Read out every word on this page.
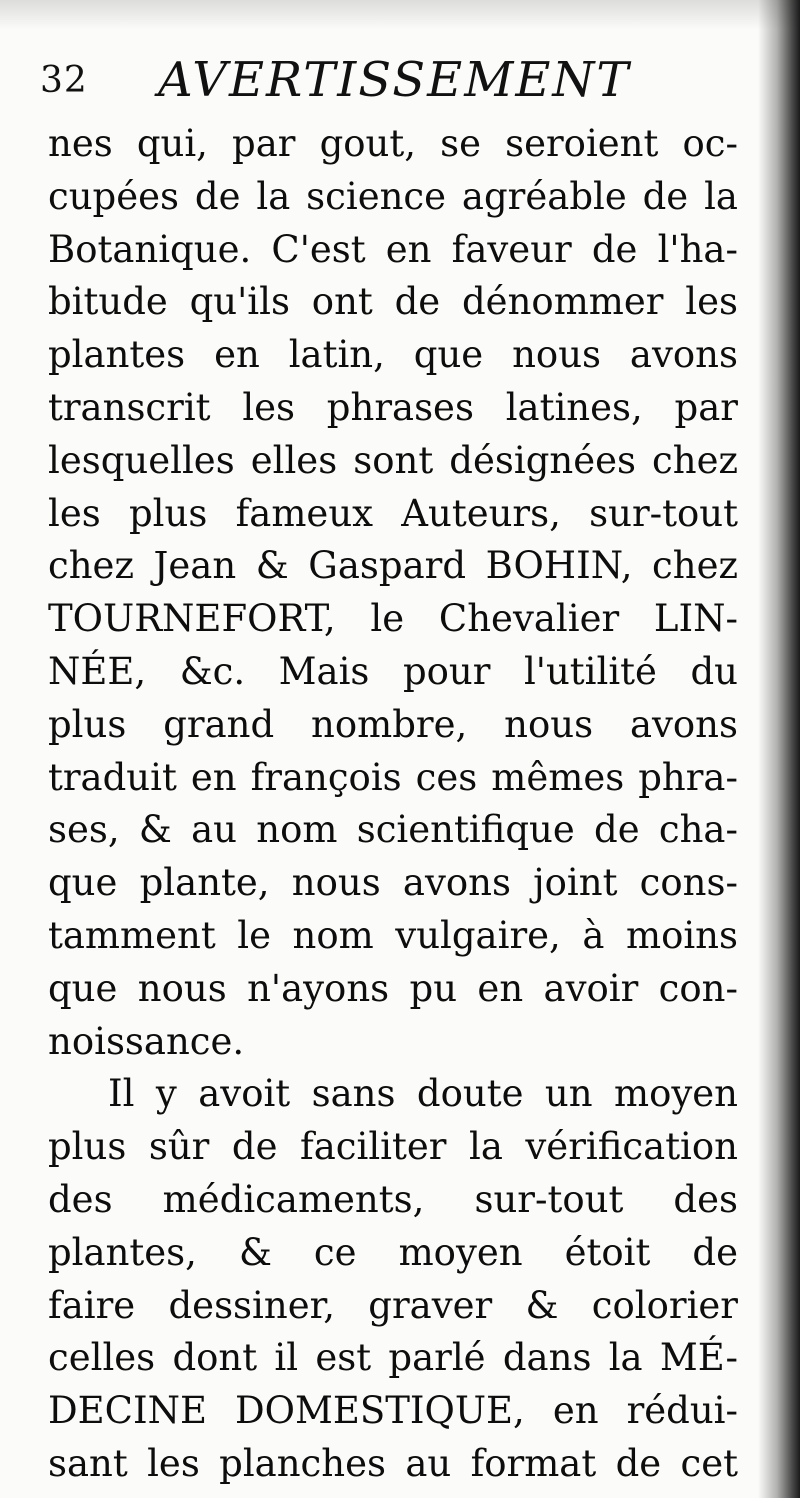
32 AVERTISSEMENT
nes qui, par gout, se seroient oc-
cupées de la science agréable de la
Botanique. C'est en faveur de l'ha-
bitude qu'ils ont de dénommer les
plantes en latin, que nous avons
transcrit les phrases latines, par
lesquelles elles sont désignées chez
les plus fameux Auteurs, sur-tout
chez Jean & Gaspard BOHIN, chez
TOURNEFORT, le Chevalier LIN-
NÉE, &c. Mais pour l'utilité du
plus grand nombre, nous avons
traduit en françois ces mêmes phra-
ses, & au nom scientifique de cha-
que plante, nous avons joint cons-
tamment le nom vulgaire, à moins
que nous n'ayons pu en avoir con-
noissance.
Il y avoit sans doute un moyen
plus sûr de faciliter la vérification
des médicaments, sur-tout des
plantes, & ce moyen étoit de
faire dessiner, graver & colorier
celles dont il est parlé dans la MÉ-
DECINE DOMESTIQUE, en rédui-
sant les planches au format de cet
